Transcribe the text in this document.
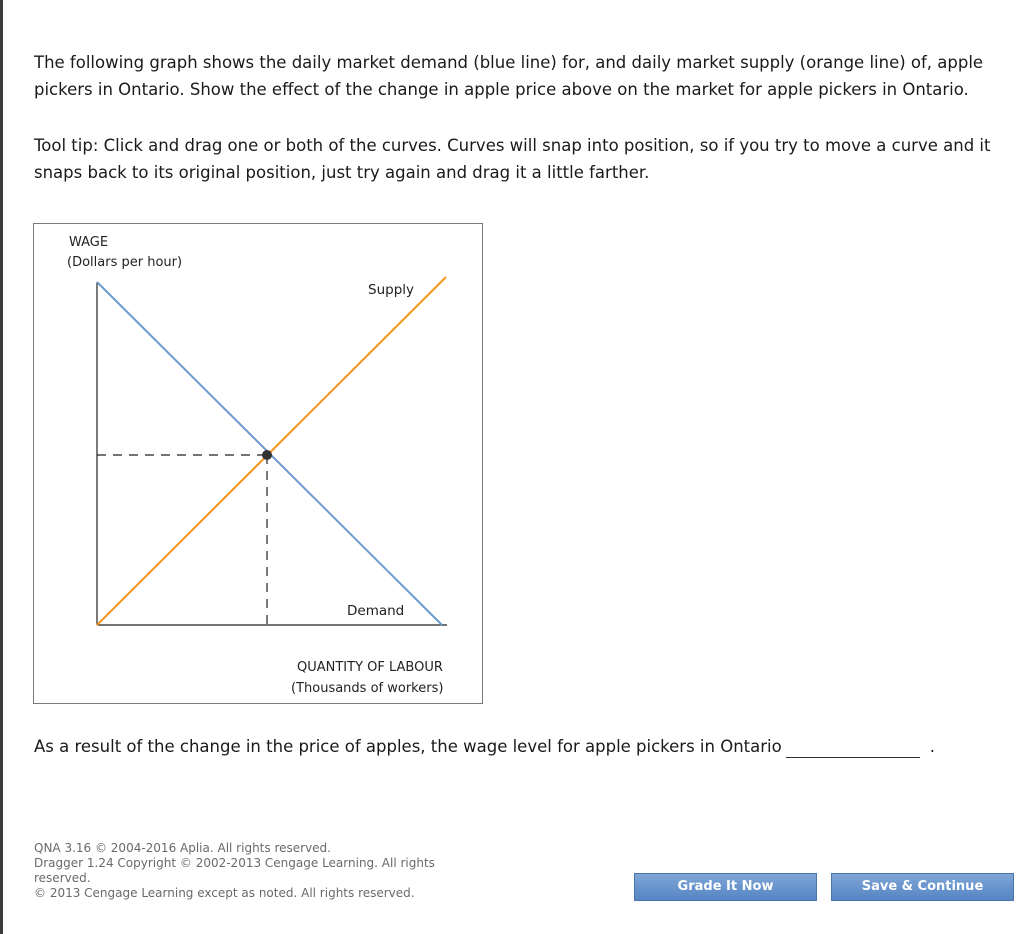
The following graph shows the daily market demand (blue line) for, and daily market supply (orange line) of, apple pickers in Ontario. Show the effect of the change in apple price above on the market for apple pickers in Ontario.

Tool tip: Click and drag one or both of the curves. Curves will snap into position, so if you try to move a curve and it snaps back to its original position, just try again and drag it a little farther.

WAGE
(Dollars per hour)
Supply
Demand
QUANTITY OF LABOUR
(Thousands of workers)
As a result of the change in the price of apples, the wage level for apple pickers in Ontario	.
QNA 3.16 © 2004-2016 Aplia. All rights reserved.
Dragger 1.24 Copyright © 2002-2013 Cengage Learning. All rights reserved.
© 2013 Cengage Learning except as noted. All rights reserved.	Grade It Now	Save & Continue
